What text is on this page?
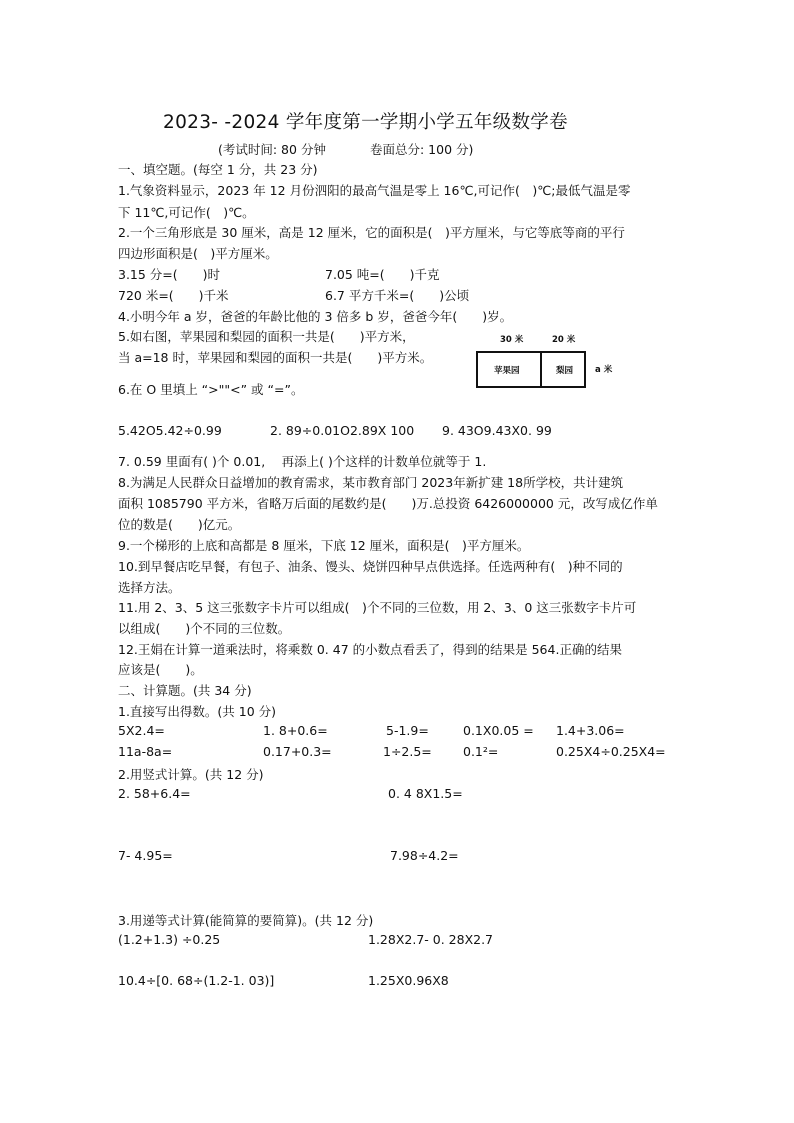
2023- -2024 学年度第一学期小学五年级数学卷
(考试时间: 80 分钟	卷面总分: 100 分)
一、填空题。(每空 1 分，共 23 分)
1.气象资料显示，2023 年 12 月份泗阳的最高气温是零上 16℃,可记作(　)℃;最低气温是零
下 11℃,可记作(　)℃。
2.一个三角形底是 30 厘米，高是 12 厘米，它的面积是(　)平方厘米，与它等底等商的平行
四边形面积是(　)平方厘米。
3.15 分=(　　)时	7.05 吨=(　　)千克
720 米=(　　)千米	6.7 平方千米=(　　)公顷
4.小明今年 a 岁，爸爸的年龄比他的 3 倍多 b 岁，爸爸今年(　　)岁。
5.如右图，苹果园和梨园的面积一共是(　　)平方米，
当 a=18 时，苹果园和梨园的面积一共是(　　)平方米。
30 米	20 米
苹果园	梨园	a 米
6.在 O 里填上 “>""<” 或 “=”。
5.42O5.42÷0.99	2. 89÷0.01O2.89X 100 9. 43O9.43X0. 99
7. 0.59 里面有( )个 0.01,　 再添上( )个这样的计数单位就等于 1.
8.为满足人民群众日益增加的教育需求，某市教育部门 2023年新扩建 18所学校，共计建筑
面积 1085790 平方米，省略万后面的尾数约是(　　)万.总投资 6426000000 元，改写成亿作单
位的数是(　　)亿元。
9.一个梯形的上底和高都是 8 厘米，下底 12 厘米，面积是(　)平方厘米。
10.到早餐店吃早餐，有包子、油条、馒头、烧饼四种早点供选择。任选两种有(　)种不同的
选择方法。
11.用 2、3、5 这三张数字卡片可以组成(　)个不同的三位数，用 2、3、0 这三张数字卡片可
以组成(　　)个不同的三位数。
12.王娟在计算一道乘法时，将乘数 0. 47 的小数点看丢了，得到的结果是 564.正确的结果
应该是(　　)。
二、计算题。(共 34 分)
1.直接写出得数。(共 10 分)
5X2.4=	1. 8+0.6=	5-1.9=	0.1X0.05 = 1.4+3.06=
11a-8a=	0.17+0.3=	1÷2.5= 0.1²=	0.25X4÷0.25X4=
2.用竖式计算。(共 12 分)
2. 58+6.4=	0. 4 8X1.5=
7- 4.95=	7.98÷4.2=
3.用递等式计算(能简算的要简算)。(共 12 分)
(1.2+1.3) ÷0.25	1.28X2.7- 0. 28X2.7
10.4÷[0. 68÷(1.2-1. 03)]	1.25X0.96X8
